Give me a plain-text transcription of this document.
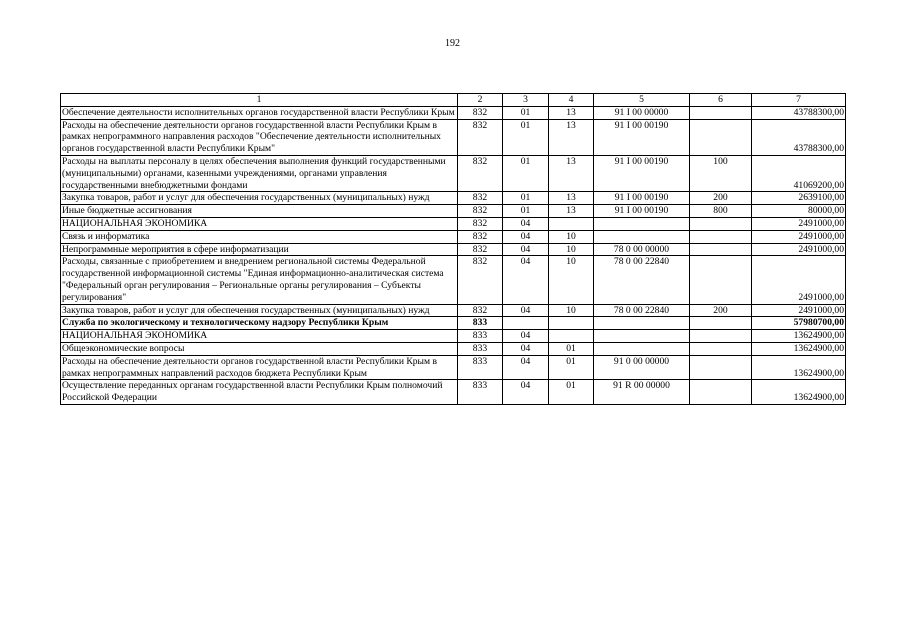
192
1	2	3	4	5	6	7
Обеспечение деятельности исполнительных органов государственной власти Республики Крым	832	01	13	91 I 00 00000		43788300,00
Расходы на обеспечение деятельности органов государственной власти Республики Крым в рамках непрограммного направления расходов "Обеспечение деятельности исполнительных органов государственной власти Республики Крым"	832	01	13	91 I 00 00190		43788300,00
Расходы на выплаты персоналу в целях обеспечения выполнения функций государственными (муниципальными) органами, казенными учреждениями, органами управления государственными внебюджетными фондами	832	01	13	91 I 00 00190	100	41069200,00
Закупка товаров, работ и услуг для обеспечения государственных (муниципальных) нужд	832	01	13	91 I 00 00190	200	2639100,00
Иные бюджетные ассигнования	832	01	13	91 I 00 00190	800	80000,00
НАЦИОНАЛЬНАЯ ЭКОНОМИКА	832	04				2491000,00
Связь и информатика	832	04	10			2491000,00
Непрограммные мероприятия в сфере информатизации	832	04	10	78 0 00 00000		2491000,00
Расходы, связанные с приобретением и внедрением региональной системы Федеральной государственной информационной системы "Единая информационно-аналитическая система "Федеральный орган регулирования – Региональные органы регулирования – Субъекты регулирования"	832	04	10	78 0 00 22840		2491000,00
Закупка товаров, работ и услуг для обеспечения государственных (муниципальных) нужд	832	04	10	78 0 00 22840	200	2491000,00
Служба по экологическому и технологическому надзору Республики Крым	833					57980700,00
НАЦИОНАЛЬНАЯ ЭКОНОМИКА	833	04				13624900,00
Общеэкономические вопросы	833	04	01			13624900,00
Расходы на обеспечение деятельности органов государственной власти Республики Крым в рамках непрограммных направлений расходов бюджета Республики Крым	833	04	01	91 0 00 00000		13624900,00
Осуществление переданных органам государственной власти Республики Крым полномочий Российской Федерации	833	04	01	91 R 00 00000		13624900,00
